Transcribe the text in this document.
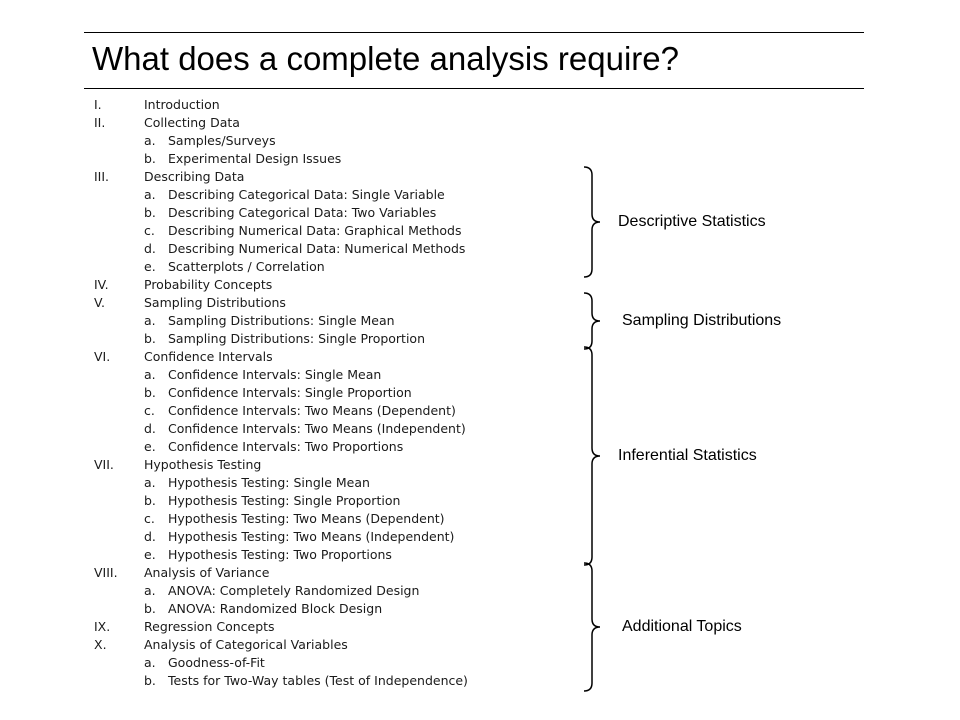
What does a complete analysis require?
I.	Introduction
II.	Collecting Data
a. Samples/Surveys
b. Experimental Design Issues
III.	Describing Data
a. Describing Categorical Data: Single Variable
b. Describing Categorical Data: Two Variables
c. Describing Numerical Data: Graphical Methods
d. Describing Numerical Data: Numerical Methods
e. Scatterplots / Correlation
IV.	Probability Concepts
V.	Sampling Distributions
a. Sampling Distributions: Single Mean
b. Sampling Distributions: Single Proportion
VI.	Confidence Intervals
a. Confidence Intervals: Single Mean
b. Confidence Intervals: Single Proportion
c. Confidence Intervals: Two Means (Dependent)
d. Confidence Intervals: Two Means (Independent)
e. Confidence Intervals: Two Proportions
VII. Hypothesis Testing
a. Hypothesis Testing: Single Mean
b. Hypothesis Testing: Single Proportion
c. Hypothesis Testing: Two Means (Dependent)
d. Hypothesis Testing: Two Means (Independent)
e. Hypothesis Testing: Two Proportions
VIII. Analysis of Variance
a. ANOVA: Completely Randomized Design
b. ANOVA: Randomized Block Design
IX.	Regression Concepts
X.	Analysis of Categorical Variables
a. Goodness-of-Fit
b. Tests for Two-Way tables (Test of Independence)
Descriptive Statistics
Sampling Distributions
Inferential Statistics
Additional Topics
